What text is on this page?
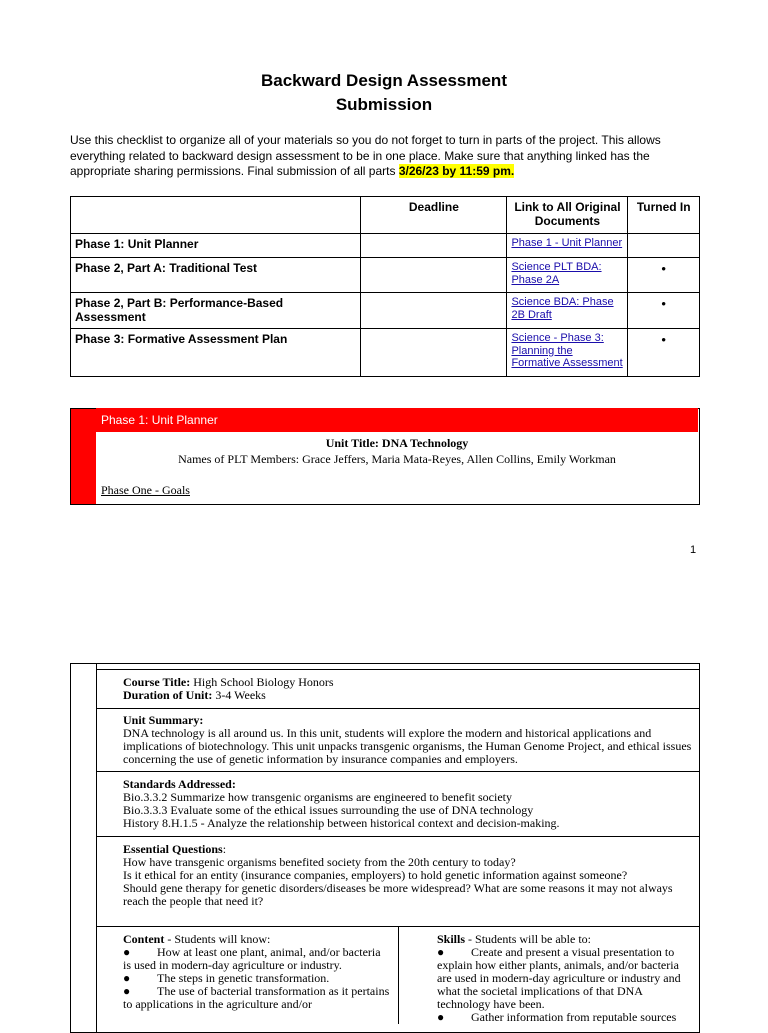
Backward Design Assessment
Submission
Use this checklist to organize all of your materials so you do not forget to turn in parts of the project. This allows everything related to backward design assessment to be in one place. Make sure that anything linked has the appropriate sharing permissions. Final submission of all parts 3/26/23 by 11:59 pm.
	Deadline	Link to All Original Documents	Turned In
Phase 1: Unit Planner		Phase 1 - Unit Planner	

Phase 2, Part A: Traditional Test		Science PLT BDA: Phase 2A	•
Phase 2, Part B: Performance-Based Assessment		Science BDA: Phase 2B Draft	•
Phase 3: Formative Assessment Plan		Science - Phase 3: Planning the Formative Assessment	•
Phase 1: Unit Planner
Unit Title: DNA Technology
Names of PLT Members: Grace Jeffers, Maria Mata-Reyes, Allen Collins, Emily Workman
Phase One - Goals
1
Course Title: High School Biology Honors
Duration of Unit: 3-4 Weeks
Unit Summary:
DNA technology is all around us. In this unit, students will explore the modern and historical applications and implications of biotechnology. This unit unpacks transgenic organisms, the Human Genome Project, and ethical issues concerning the use of genetic information by insurance companies and employers.
Standards Addressed:
Bio.3.3.2 Summarize how transgenic organisms are engineered to benefit society
Bio.3.3.3 Evaluate some of the ethical issues surrounding the use of DNA technology
History 8.H.1.5 - Analyze the relationship between historical context and decision-making.
Essential Questions:
How have transgenic organisms benefited society from the 20th century to today?
Is it ethical for an entity (insurance companies, employers) to hold genetic information against someone?
Should gene therapy for genetic disorders/diseases be more widespread? What are some reasons it may not always reach the people that need it?
Content - Students will know:
● How at least one plant, animal, and/or bacteria is used in modern-day agriculture or industry.
● The steps in genetic transformation.
● The use of bacterial transformation as it pertains to applications in the agriculture and/or
Skills - Students will be able to:
● Create and present a visual presentation to explain how either plants, animals, and/or bacteria are used in modern-day agriculture or industry and what the societal implications of that DNA technology have been.
● Gather information from reputable sources
